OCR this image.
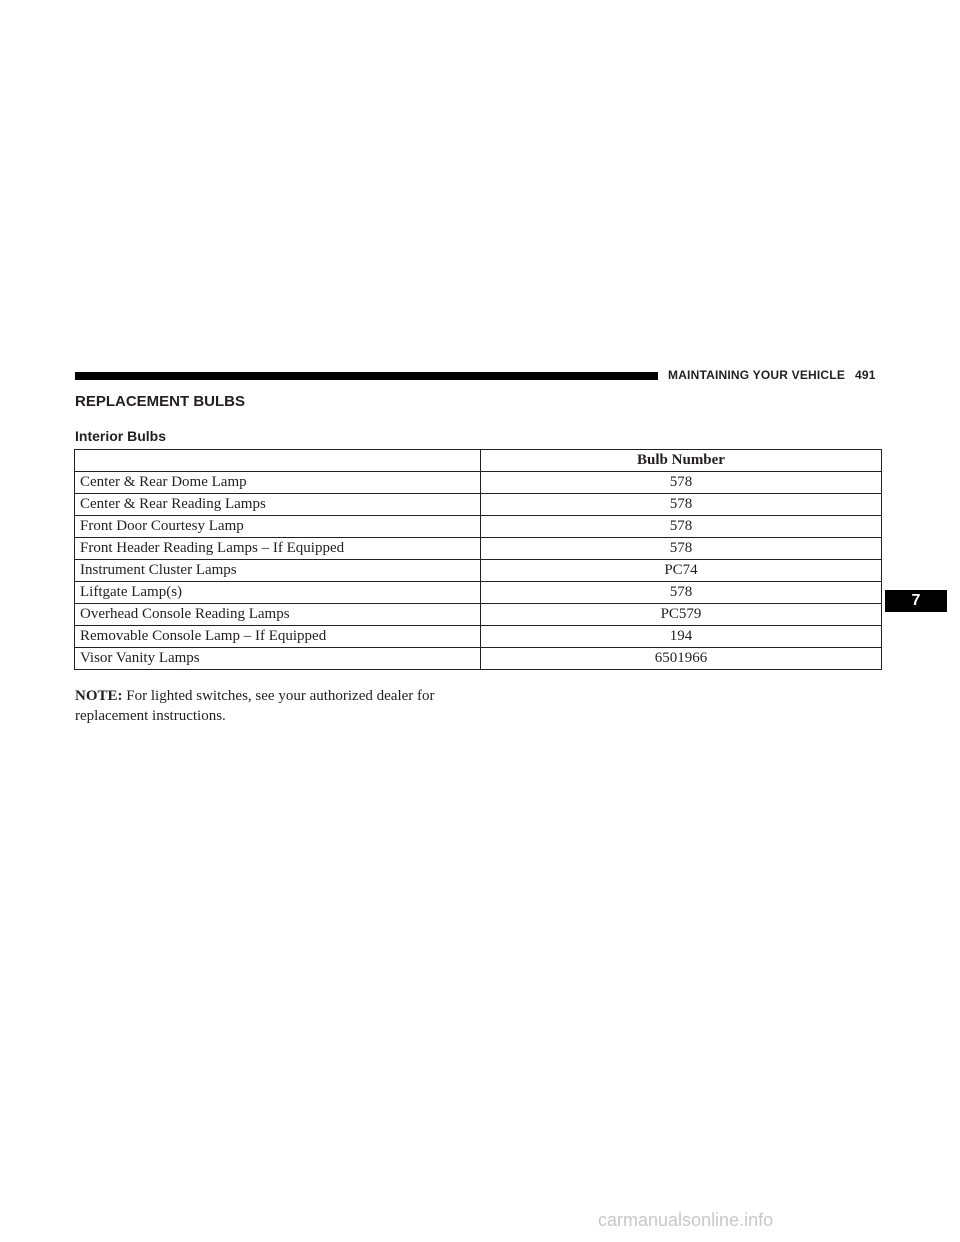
MAINTAINING YOUR VEHICLE 491
REPLACEMENT BULBS
Interior Bulbs
	Bulb Number
Center & Rear Dome Lamp	578
Center & Rear Reading Lamps	578
Front Door Courtesy Lamp	578
Front Header Reading Lamps – If Equipped	578
Instrument Cluster Lamps	PC74
Liftgate Lamp(s)	578
Overhead Console Reading Lamps	PC579
Removable Console Lamp – If Equipped	194
Visor Vanity Lamps	6501966
NOTE: For lighted switches, see your authorized dealer for replacement instructions.
7
carmanualsonline.info
